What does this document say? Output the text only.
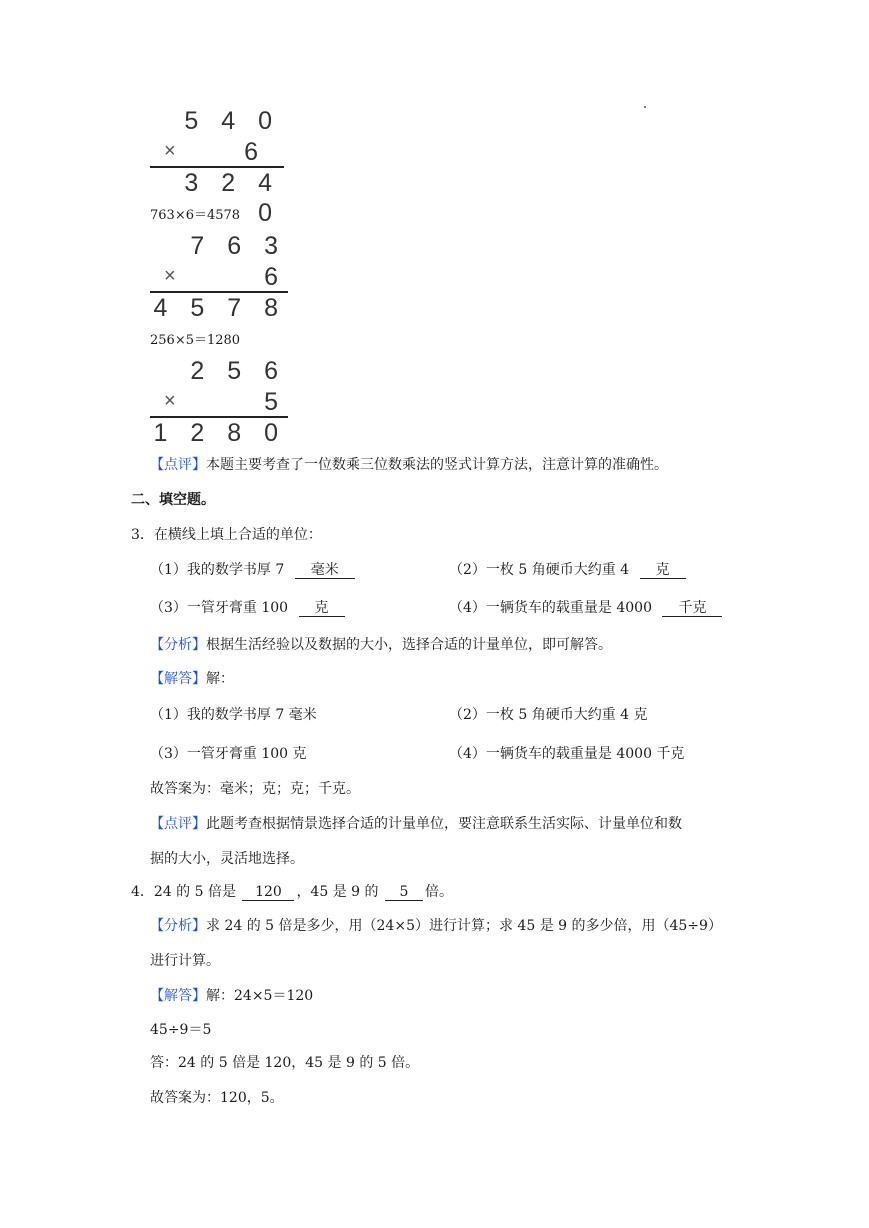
5 4 0
×	6
3 2 4 0
763×6＝4578
7 6 3
×	6
4 5 7 8
256×5＝1280
2 5 6
×	5
1 2 8 0
【点评】本题主要考查了一位数乘三位数乘法的竖式计算方法，注意计算的准确性。
二、填空题。
3．在横线上填上合适的单位：
（1）我的数学书厚 7 毫米	（2）一枚 5 角硬币大约重 4 克
（3）一管牙膏重 100 克	（4）一辆货车的载重量是 4000 千克
【分析】根据生活经验以及数据的大小，选择合适的计量单位，即可解答。
【解答】解：
（1）我的数学书厚 7 毫米	（2）一枚 5 角硬币大约重 4 克
（3）一管牙膏重 100 克	（4）一辆货车的载重量是 4000 千克
故答案为：毫米；克；克；千克。
【点评】此题考查根据情景选择合适的计量单位，要注意联系生活实际、计量单位和数
据的大小，灵活地选择。
4．24 的 5 倍是 120 ，45 是 9 的 5 倍。
【分析】求 24 的 5 倍是多少，用（24×5）进行计算；求 45 是 9 的多少倍，用（45÷9）
进行计算。
【解答】解：24×5＝120
45÷9＝5
答：24 的 5 倍是 120，45 是 9 的 5 倍。
故答案为：120，5。
